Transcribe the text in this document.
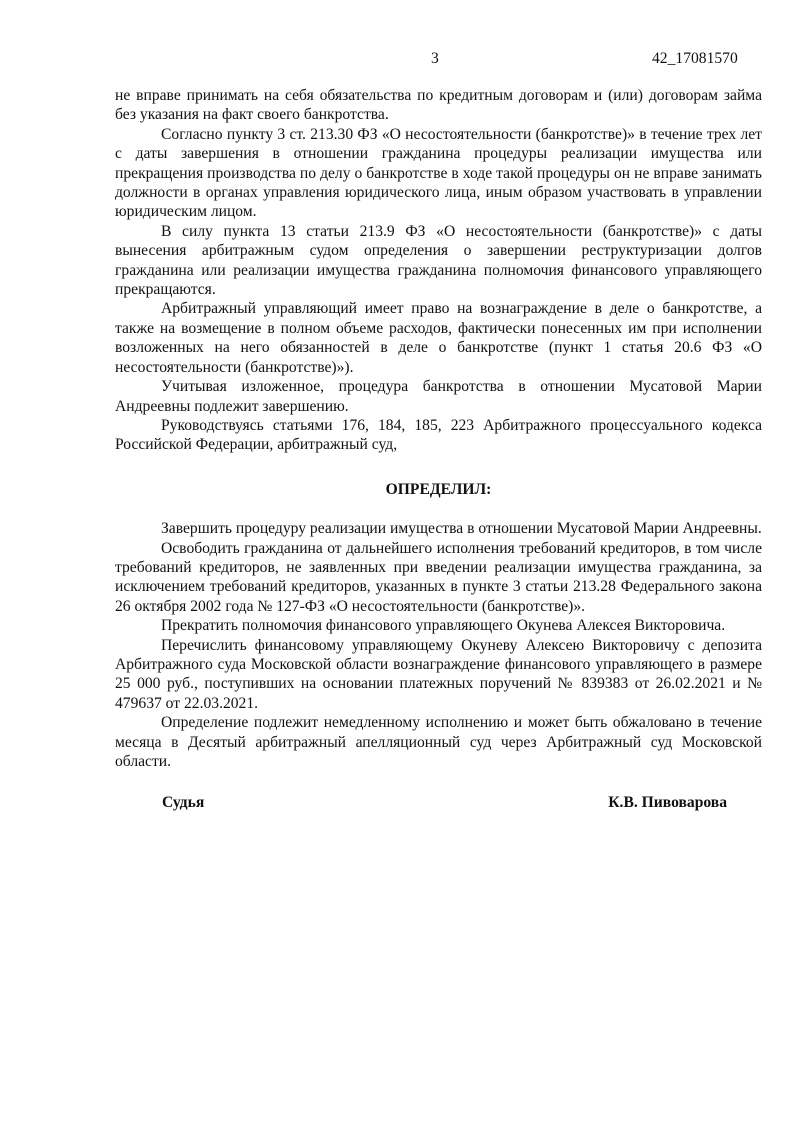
3	42_17081570

не вправе принимать на себя обязательства по кредитным договорам и (или) договорам займа без указания на факт своего банкротства.

Согласно пункту 3 ст. 213.30 ФЗ «О несостоятельности (банкротстве)» в течение трех лет с даты завершения в отношении гражданина процедуры реализации имущества или прекращения производства по делу о банкротстве в ходе такой процедуры он не вправе занимать должности в органах управления юридического лица, иным образом участвовать в управлении юридическим лицом.

В силу пункта 13 статьи 213.9 ФЗ «О несостоятельности (банкротстве)» с даты вынесения арбитражным судом определения о завершении реструктуризации долгов гражданина или реализации имущества гражданина полномочия финансового управляющего прекращаются.

Арбитражный управляющий имеет право на вознаграждение в деле о банкротстве, а также на возмещение в полном объеме расходов, фактически понесенных им при исполнении возложенных на него обязанностей в деле о банкротстве (пункт 1 статья 20.6 ФЗ «О несостоятельности (банкротстве)»).

Учитывая изложенное, процедура банкротства в отношении Мусатовой Марии Андреевны подлежит завершению.

Руководствуясь статьями 176, 184, 185, 223 Арбитражного процессуального кодекса Российской Федерации, арбитражный суд,

ОПРЕДЕЛИЛ:

Завершить процедуру реализации имущества в отношении Мусатовой Марии Андреевны.

Освободить гражданина от дальнейшего исполнения требований кредиторов, в том числе требований кредиторов, не заявленных при введении реализации имущества гражданина, за исключением требований кредиторов, указанных в пункте 3 статьи 213.28 Федерального закона 26 октября 2002 года № 127-ФЗ «О несостоятельности (банкротстве)».

Прекратить полномочия финансового управляющего Окунева Алексея Викторовича.

Перечислить финансовому управляющему Окуневу Алексею Викторовичу с депозита Арбитражного суда Московской области вознаграждение финансового управляющего в размере 25 000 руб., поступивших на основании платежных поручений № 839383 от 26.02.2021 и № 479637 от 22.03.2021.

Определение подлежит немедленному исполнению и может быть обжаловано в течение месяца в Десятый арбитражный апелляционный суд через Арбитражный суд Московской области.

Судья	К.В. Пивоварова
